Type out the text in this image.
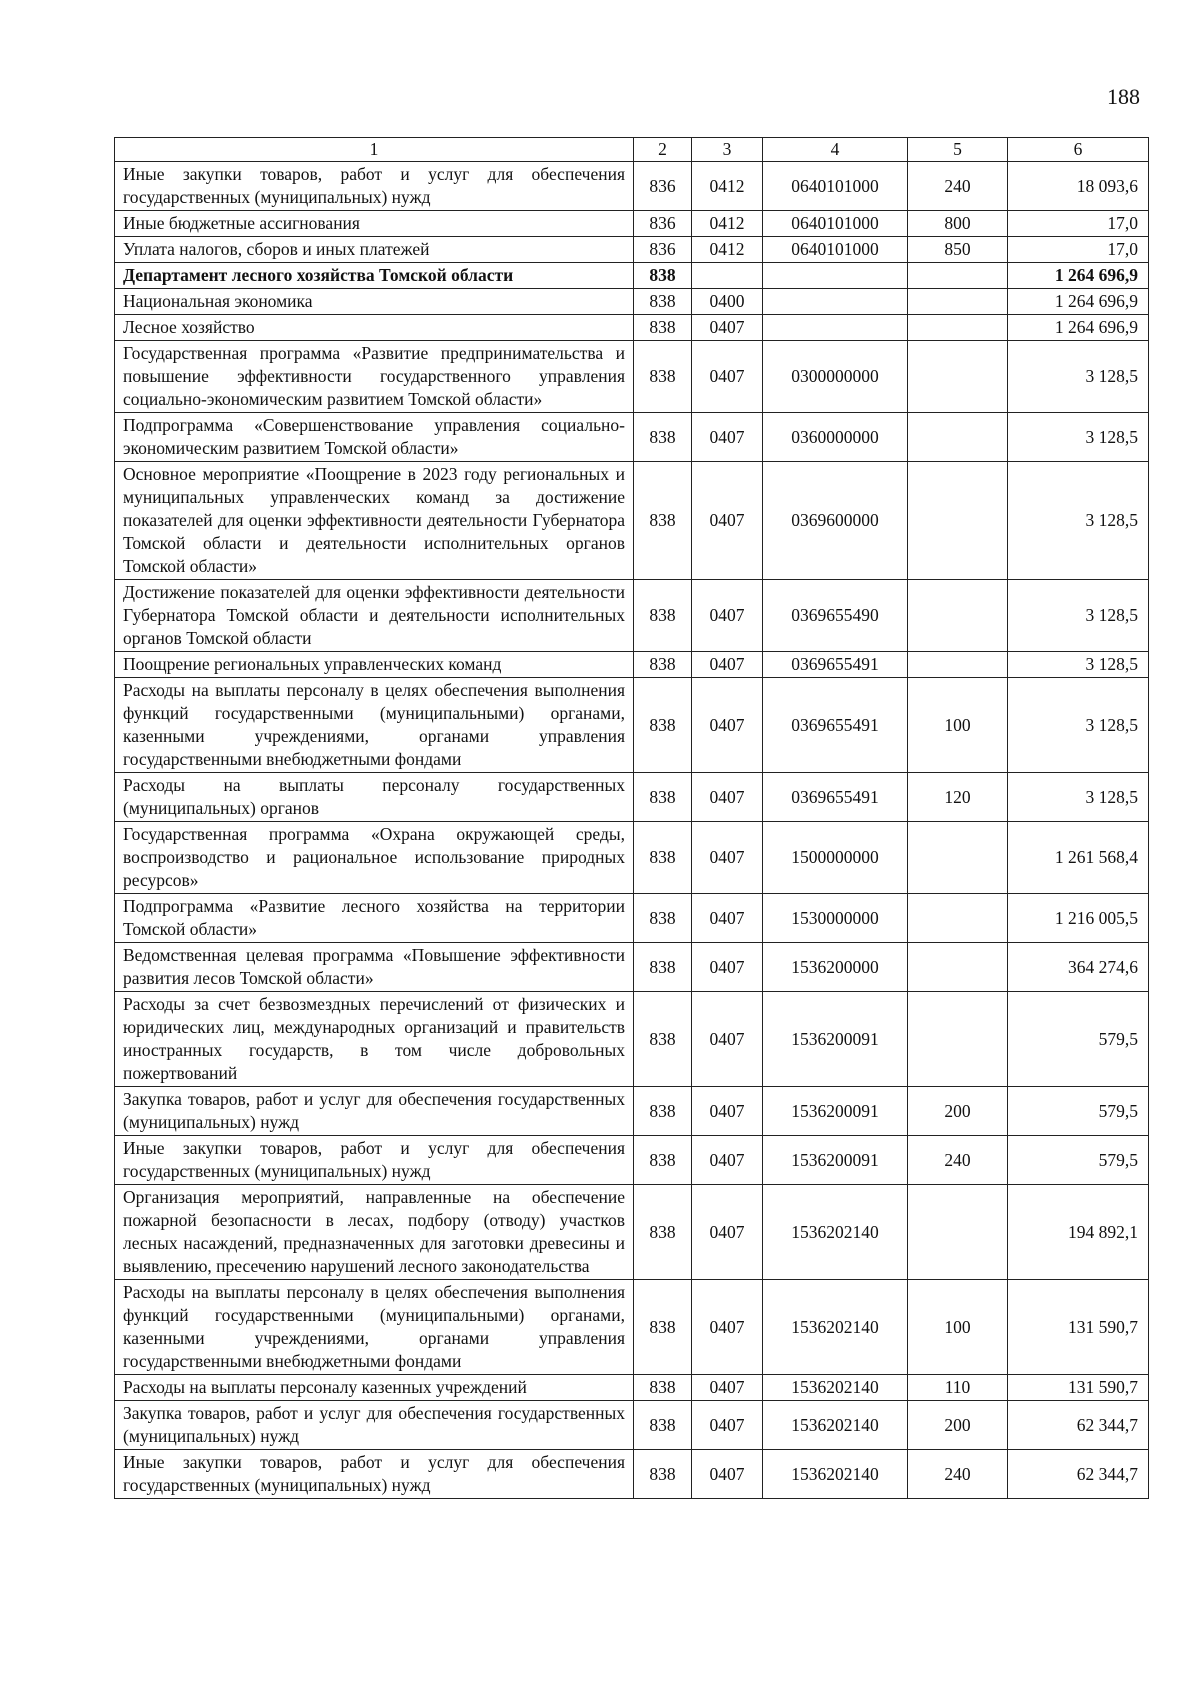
188
1	2	3	4	5	6
Иные закупки товаров, работ и услуг для обеспечения государственных (муниципальных) нужд	836	0412	0640101000	240	18 093,6
Иные бюджетные ассигнования	836	0412	0640101000	800	17,0
Уплата налогов, сборов и иных платежей	836	0412	0640101000	850	17,0
Департамент лесного хозяйства Томской области	838				1 264 696,9
Национальная экономика	838	0400			1 264 696,9
Лесное хозяйство	838	0407			1 264 696,9
Государственная программа «Развитие предпринимательства и повышение эффективности государственного управления социально-экономическим развитием Томской области»	838	0407	0300000000		3 128,5
Подпрограмма «Совершенствование управления социально-экономическим развитием Томской области»	838	0407	0360000000		3 128,5
Основное мероприятие «Поощрение в 2023 году региональных и муниципальных управленческих команд за достижение показателей для оценки эффективности деятельности Губернатора Томской области и деятельности исполнительных органов Томской области»	838	0407	0369600000		3 128,5
Достижение показателей для оценки эффективности деятельности Губернатора Томской области и деятельности исполнительных органов Томской области	838	0407	0369655490		3 128,5
Поощрение региональных управленческих команд	838	0407	0369655491		3 128,5
Расходы на выплаты персоналу в целях обеспечения выполнения функций государственными (муниципальными) органами, казенными учреждениями, органами управления государственными внебюджетными фондами	838	0407	0369655491	100	3 128,5
Расходы на выплаты персоналу государственных (муниципальных) органов	838	0407	0369655491	120	3 128,5
Государственная программа «Охрана окружающей среды, воспроизводство и рациональное использование природных ресурсов»	838	0407	1500000000		1 261 568,4
Подпрограмма «Развитие лесного хозяйства на территории Томской области»	838	0407	1530000000		1 216 005,5
Ведомственная целевая программа «Повышение эффективности развития лесов Томской области»	838	0407	1536200000		364 274,6
Расходы за счет безвозмездных перечислений от физических и юридических лиц, международных организаций и правительств иностранных государств, в том числе добровольных пожертвований	838	0407	1536200091		579,5
Закупка товаров, работ и услуг для обеспечения государственных (муниципальных) нужд	838	0407	1536200091	200	579,5
Иные закупки товаров, работ и услуг для обеспечения государственных (муниципальных) нужд	838	0407	1536200091	240	579,5
Организация мероприятий, направленные на обеспечение пожарной безопасности в лесах, подбору (отводу) участков лесных насаждений, предназначенных для заготовки древесины и выявлению, пресечению нарушений лесного законодательства	838	0407	1536202140		194 892,1
Расходы на выплаты персоналу в целях обеспечения выполнения функций государственными (муниципальными) органами, казенными учреждениями, органами управления государственными внебюджетными фондами	838	0407	1536202140	100	131 590,7
Расходы на выплаты персоналу казенных учреждений	838	0407	1536202140	110	131 590,7
Закупка товаров, работ и услуг для обеспечения государственных (муниципальных) нужд	838	0407	1536202140	200	62 344,7
Иные закупки товаров, работ и услуг для обеспечения государственных (муниципальных) нужд	838	0407	1536202140	240	62 344,7
